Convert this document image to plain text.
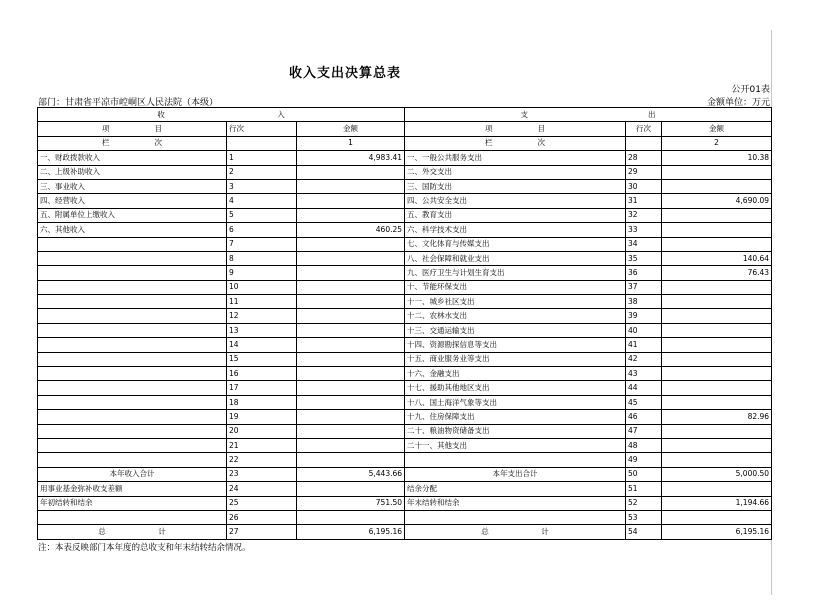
收入支出决算总表
公开01表
部门：甘肃省平凉市崆峒区人民法院（本级）	金额单位：万元
收　　　　　　　　　　　　　　　入			支　　　　　　　　　　　　　　　　出		
项　　　　　　目	行次	金额	项　　　　　　目	行次	金额
栏　　　　　　次		1	栏　　　　　　次		2
一、财政拨款收入	1	4,983.41	一、一般公共服务支出	28	10.38
二、上级补助收入	2		二、外交支出	29	
三、事业收入	3		三、国防支出	30	
四、经营收入	4		四、公共安全支出	31	4,690.09
五、附属单位上缴收入	5		五、教育支出	32	
六、其他收入	6	460.25	六、科学技术支出	33	
	7		七、文化体育与传媒支出	34	
	8		八、社会保障和就业支出	35	140.64
	9		九、医疗卫生与计划生育支出	36	76.43
	10		十、节能环保支出	37	
	11		十一、城乡社区支出	38	
	12		十二、农林水支出	39	
	13		十三、交通运输支出	40	
	14		十四、资源勘探信息等支出	41	
	15		十五、商业服务业等支出	42	
	16		十六、金融支出	43	
	17		十七、援助其他地区支出	44	
	18		十八、国土海洋气象等支出	45	
	19		十九、住房保障支出	46	82.96
	20		二十、粮油物资储备支出	47	
	21		二十一、其他支出	48	
	22			49	
本年收入合计	23	5,443.66	本年支出合计	50	5,000.50
用事业基金弥补收支差额	24		结余分配	51	
年初结转和结余	25	751.50	年末结转和结余	52	1,194.66
	26			53	
总　　　　　　　计	27	6,195.16	总　　　　　　　计	54	6,195.16
注：本表反映部门本年度的总收支和年末结转结余情况。
